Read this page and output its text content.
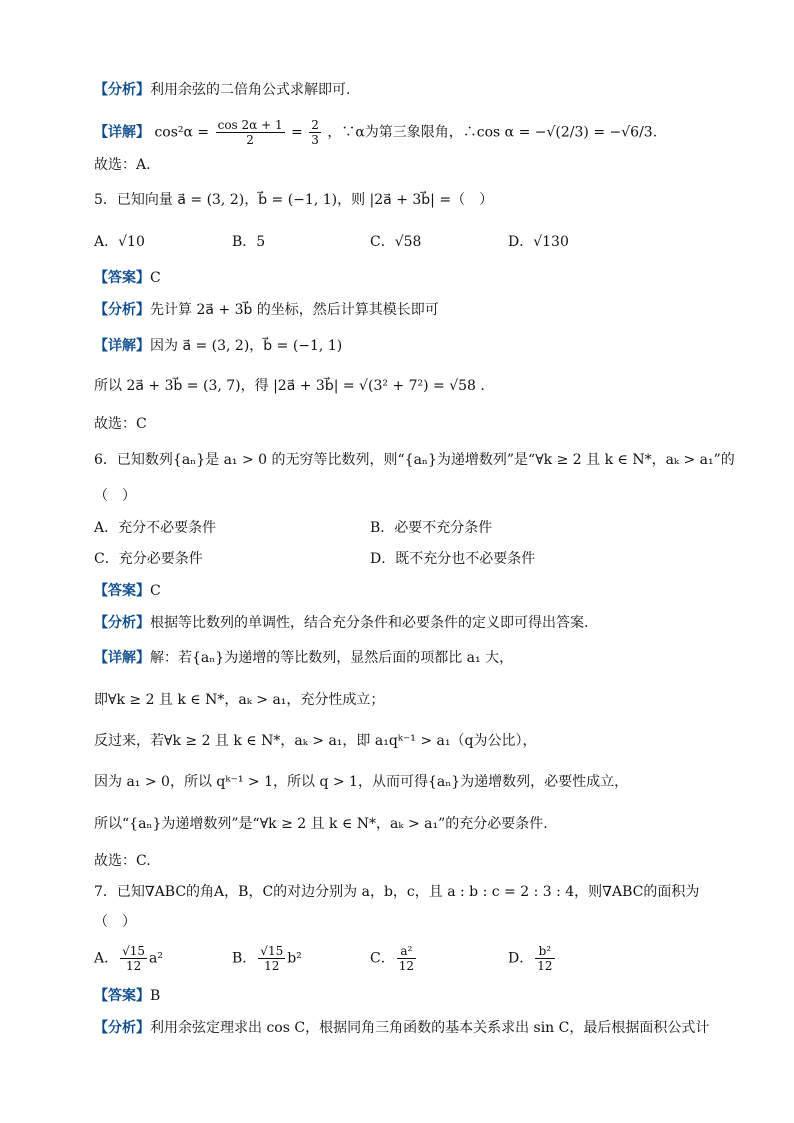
【分析】利用余弦的二倍角公式求解即可.
【详解】 $\cos^2\alpha = \frac{\cos 2\alpha + 1}{2} = \frac{2}{3}$ ，∵α为第三象限角，∴cos α = −√(2/3) = −√6/3.
故选：A.
5．已知向量 a⃗ = (3, 2)，b⃗ = (−1, 1)，则 |2a⃗ + 3b⃗| =（　）
A．√10	B．5	C．√58	D．√130
【答案】C
【分析】先计算 2a⃗ + 3b⃗ 的坐标，然后计算其模长即可
【详解】因为 a⃗ = (3, 2)，b⃗ = (−1, 1)
所以 2a⃗ + 3b⃗ = (3, 7)，得 |2a⃗ + 3b⃗| = √(3² + 7²) = √58 .
故选：C
6．已知数列{aₙ}是 a₁ > 0 的无穷等比数列，则“{aₙ}为递增数列”是“∀k ≥ 2 且 k ∈ N*，aₖ > a₁”的
（　）
A．充分不必要条件	B．必要不充分条件
C．充分必要条件	D．既不充分也不必要条件
【答案】C
【分析】根据等比数列的单调性，结合充分条件和必要条件的定义即可得出答案.
【详解】解：若{aₙ}为递增的等比数列，显然后面的项都比 a₁ 大，
即∀k ≥ 2 且 k ∈ N*，aₖ > a₁，充分性成立；
反过来，若∀k ≥ 2 且 k ∈ N*，aₖ > a₁，即 a₁qᵏ⁻¹ > a₁（q为公比），
因为 a₁ > 0，所以 qᵏ⁻¹ > 1，所以 q > 1，从而可得{aₙ}为递增数列，必要性成立，
所以“{aₙ}为递增数列”是“∀k ≥ 2 且 k ∈ N*，aₖ > a₁”的充分必要条件.
故选：C.
7．已知∇ABC的角A，B，C的对边分别为 a，b，c，且 a : b : c = 2 : 3 : 4，则∇ABC的面积为
（　）
A． $\frac{√15}{12} a^2$	B． $\frac{√15}{12} b^2$	C． $\frac{\text{a²}}{12}$	D． $\frac{\text{b²}}{12}$
【答案】B
【分析】利用余弦定理求出 cos C，根据同角三角函数的基本关系求出 sin C，最后根据面积公式计
